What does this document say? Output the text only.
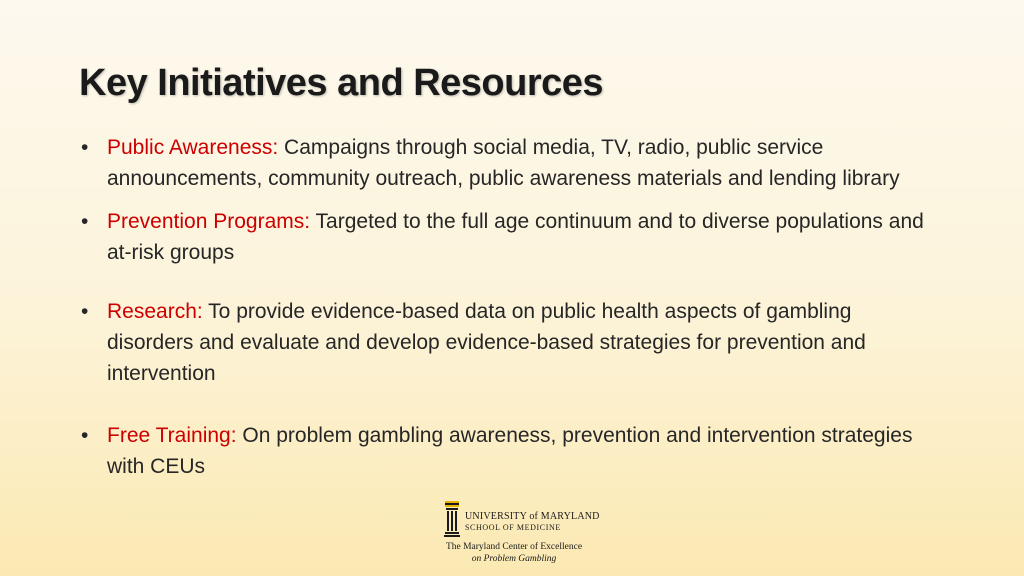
Key Initiatives and Resources
• Public Awareness: Campaigns through social media, TV, radio, public service announcements, community outreach, public awareness materials and lending library
• Prevention Programs: Targeted to the full age continuum and to diverse populations and at-risk groups
• Research: To provide evidence-based data on public health aspects of gambling disorders and evaluate and develop evidence-based strategies for prevention and intervention
• Free Training: On problem gambling awareness, prevention and intervention strategies with CEUs
UNIVERSITY of MARYLAND
SCHOOL OF MEDICINE
The Maryland Center of Excellence
on Problem Gambling
